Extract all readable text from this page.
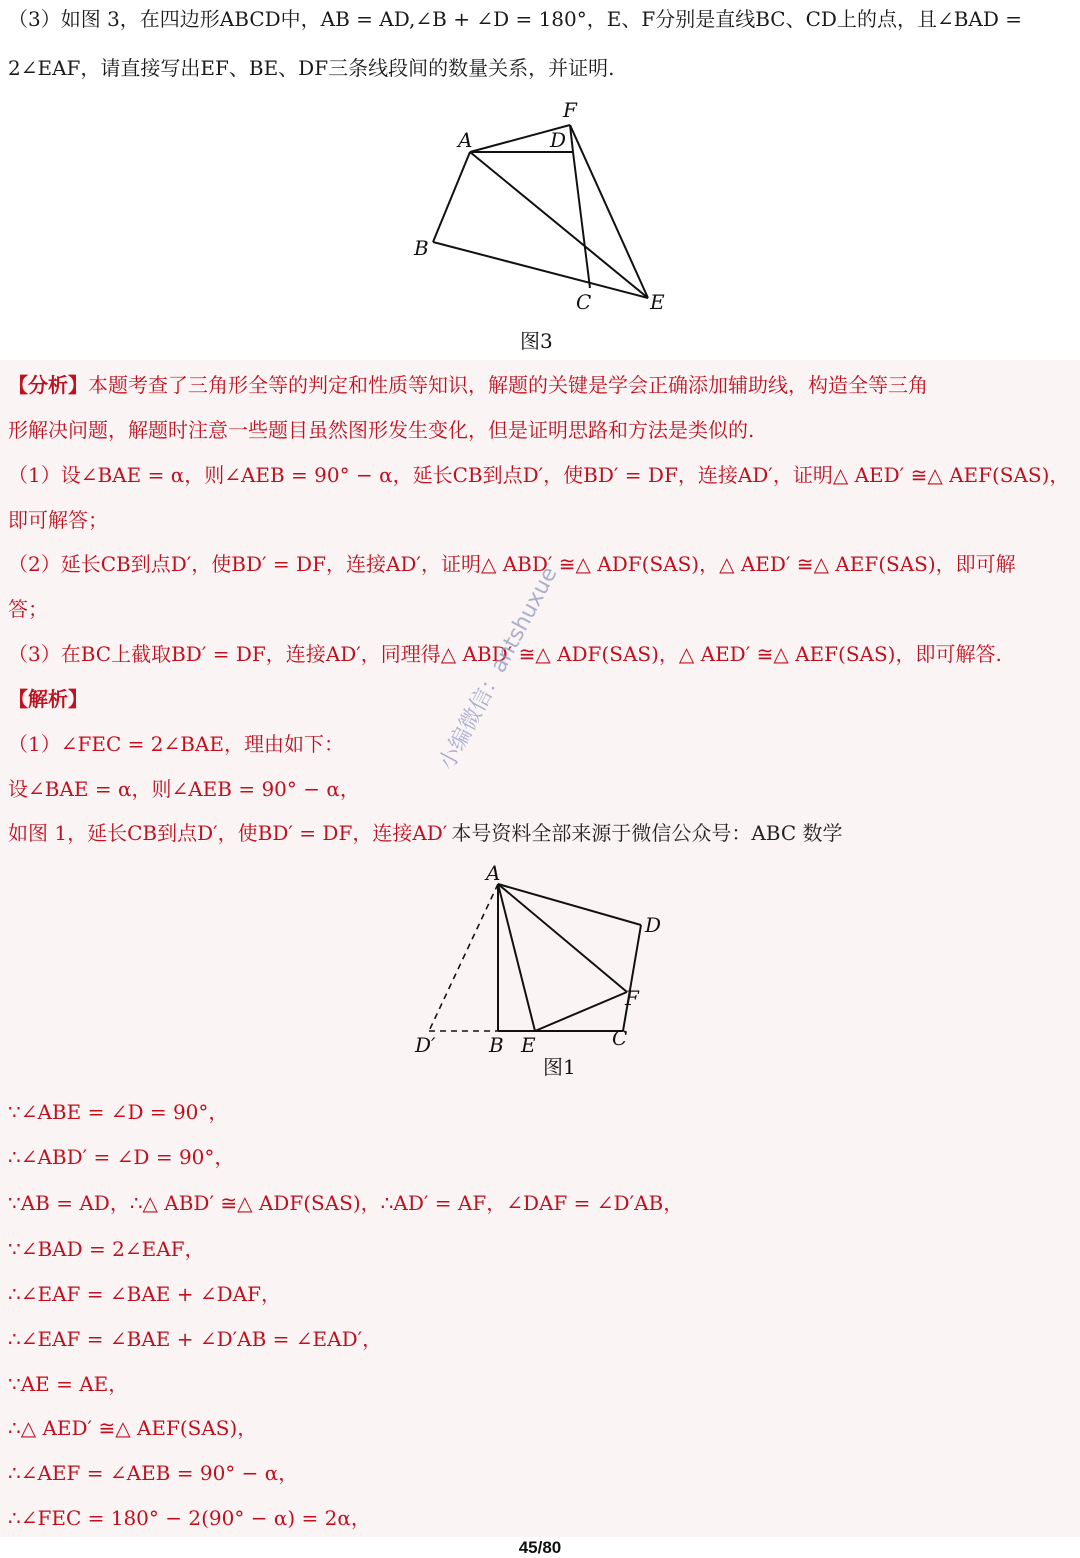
（3）如图 3，在四边形ABCD中，AB = AD,∠B + ∠D = 180°，E、F分别是直线BC、CD上的点，且∠BAD =
2∠EAF，请直接写出EF、BE、DF三条线段间的数量关系，并证明.
A
B
C
D
E
F
图3
【分析】本题考查了三角形全等的判定和性质等知识，解题的关键是学会正确添加辅助线，构造全等三角
形解决问题，解题时注意一些题目虽然图形发生变化，但是证明思路和方法是类似的.
（1）设∠BAE = α，则∠AEB = 90° − α，延长CB到点D′，使BD′ = DF，连接AD′，证明△ AED′ ≅△ AEF(SAS)，
即可解答；
（2）延长CB到点D′，使BD′ = DF，连接AD′，证明△ ABD′ ≅△ ADF(SAS)，△ AED′ ≅△ AEF(SAS)，即可解
答；
（3）在BC上截取BD′ = DF，连接AD′，同理得△ ABD′ ≅△ ADF(SAS)，△ AED′ ≅△ AEF(SAS)，即可解答.
【解析】
（1）∠FEC = 2∠BAE，理由如下：
设∠BAE = α，则∠AEB = 90° − α，
如图 1，延长CB到点D′，使BD′ = DF，连接AD′ 本号资料全部来源于微信公众号：ABC 数学
小编微信：antshuxue
A
D
F
C
D′	B E
图1
∵∠ABE = ∠D = 90°，
∴∠ABD′ = ∠D = 90°，
∵AB = AD，∴△ ABD′ ≅△ ADF(SAS)，∴AD′ = AF，∠DAF = ∠D′AB，
∵∠BAD = 2∠EAF，
∴∠EAF = ∠BAE + ∠DAF，
∴∠EAF = ∠BAE + ∠D′AB = ∠EAD′，
∵AE = AE，
∴△ AED′ ≅△ AEF(SAS)，
∴∠AEF = ∠AEB = 90° − α，
∴∠FEC = 180° − 2(90° − α) = 2α，
45/80
